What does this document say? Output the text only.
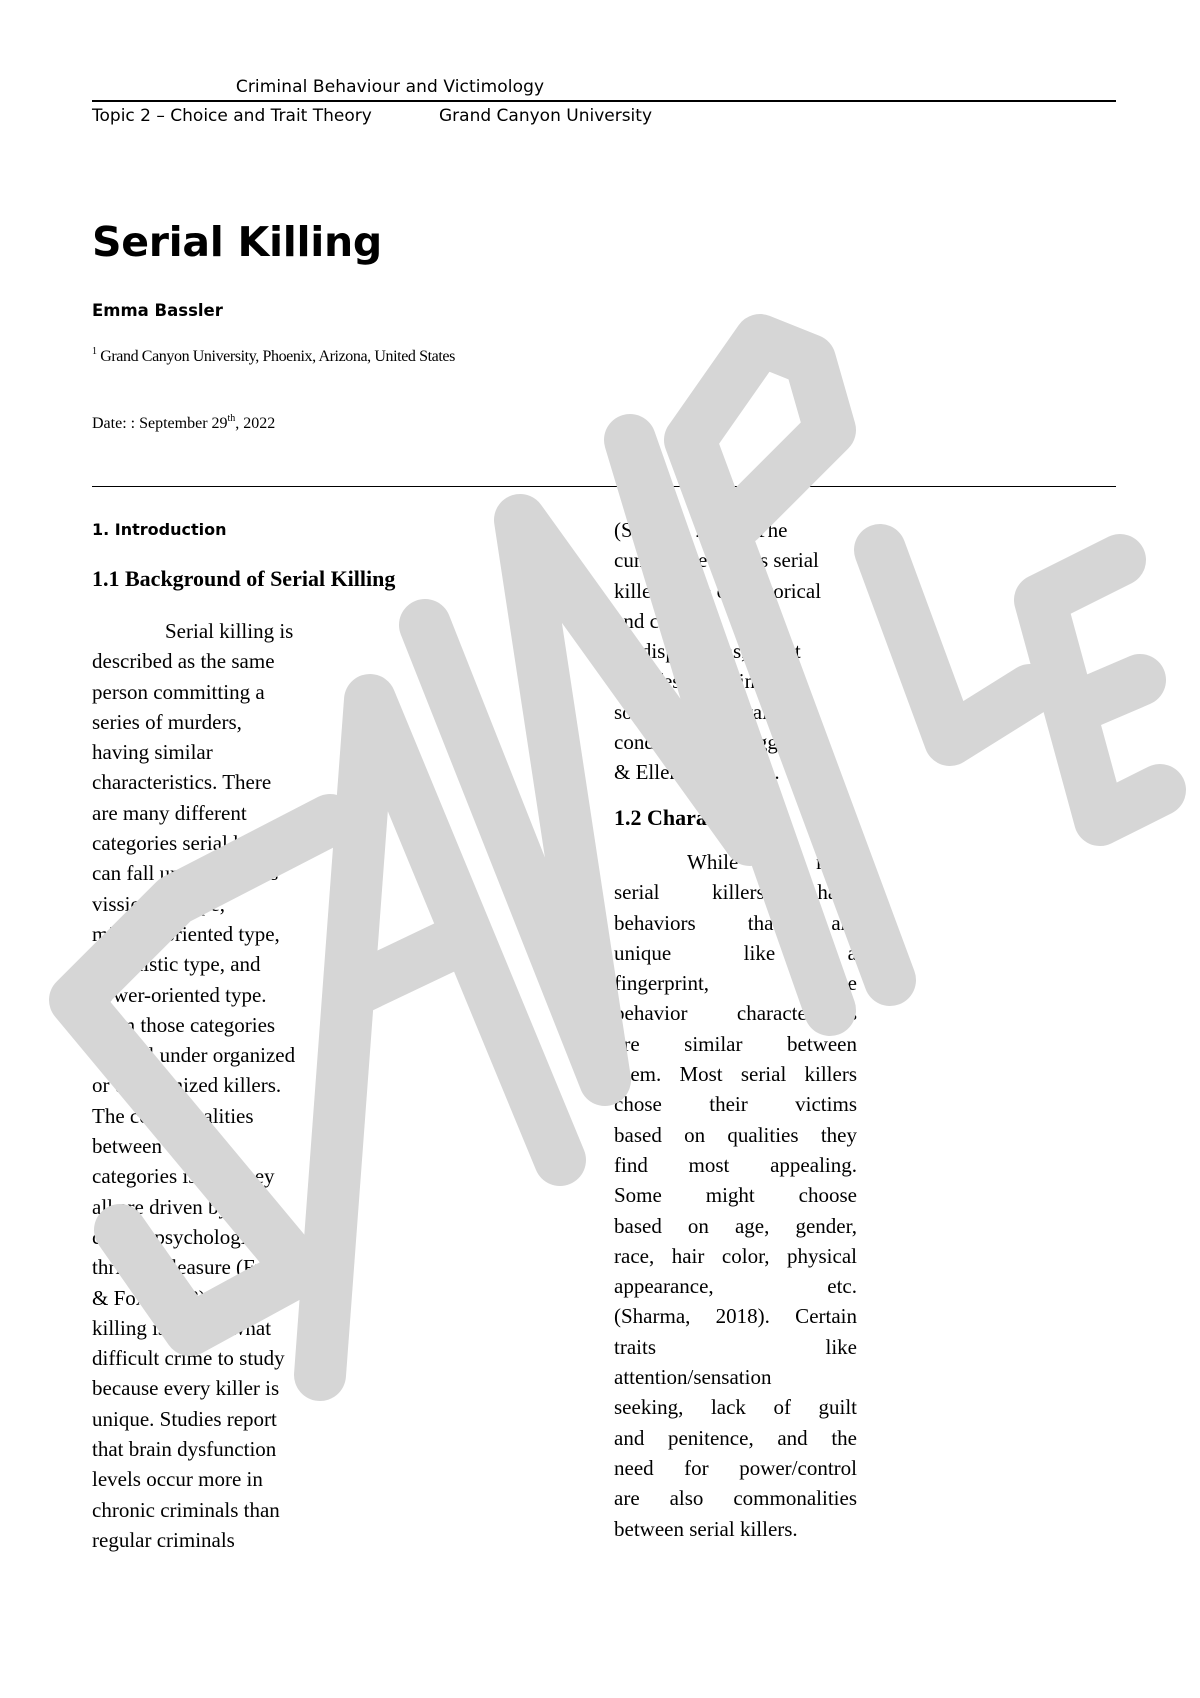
Criminal Behaviour and Victimology
Topic 2 – Choice and Trait Theory	Grand Canyon University
Serial Killing
Emma Bassler
$^1$ Grand Canyon University, Phoenix, Arizona, United States
Date: : September 29th, 2022
1. Introduction
1.1 Background of Serial Killing
Serial killing is
described as the same
person committing a
series of murders,
having similar
characteristics. There
are many different
categories serial killers
can fall under, such as
vissionary type,
mission-oriented type,
hedonistic type, and
power-oriented type.
Even those categories
can fall under organized
or unorganized killers.
The commonalities
between these
categories is that they
all are driven by a
certain psychological
thrill or pleasure (Fridel
& Fox, 2018). Serial
killing is a somewhat
difficult crime to study
because every killer is
unique. Studies report
that brain dysfunction
levels occur more in
chronic criminals than
regular criminals
(Sharma, 2018). The
cumulative effects serial
killers have on historical
and cultural
predispositions, might
manifest itself into
social and cultural
conditioning (Haggerty
& Ellerbrok, 2017).
1.2 Characteristics
While most
serial killers have
behaviors that are
unique like a
fingerprint, some
behavior characteristics
are similar between
them. Most serial killers
chose their victims
based on qualities they
find most appealing.
Some might choose
based on age, gender,
race, hair color, physical
appearance, etc.
(Sharma, 2018). Certain
traits like
attention/sensation
seeking, lack of guilt
and penitence, and the
need for power/control
are also commonalities
between serial killers.
